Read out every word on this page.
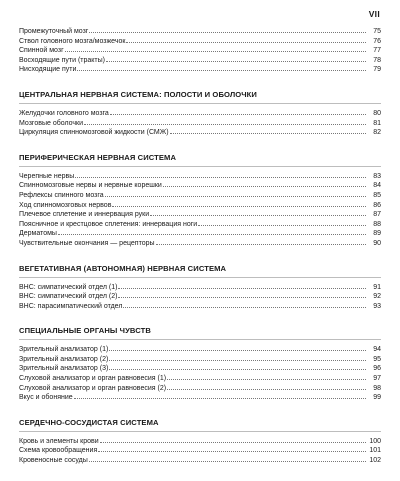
VII
Промежуточный мозг	75
Ствол головного мозга/мозжечок	76
Спинной мозг	77
Восходящие пути (тракты)	78
Нисходящие пути	79
ЦЕНТРАЛЬНАЯ НЕРВНАЯ СИСТЕМА: ПОЛОСТИ И ОБОЛОЧКИ
Желудочки головного мозга	80
Мозговые оболочки	81
Циркуляция спинномозговой жидкости (СМЖ)	82
ПЕРИФЕРИЧЕСКАЯ НЕРВНАЯ СИСТЕМА
Черепные нервы	83
Спинномозговые нервы и нервные корешки	84
Рефлексы спинного мозга	85
Ход спинномозговых нервов	86
Плечевое сплетение и иннервация руки	87
Поясничное и крестцовое сплетения: иннервация ноги	88
Дерматомы	89
Чувствительные окончания — рецепторы	90
ВЕГЕТАТИВНАЯ (АВТОНОМНАЯ) НЕРВНАЯ СИСТЕМА
ВНС: симпатический отдел (1)	91
ВНС: симпатический отдел (2)	92
ВНС: парасимпатический отдел	93
СПЕЦИАЛЬНЫЕ ОРГАНЫ ЧУВСТВ
Зрительный анализатор (1)	94
Зрительный анализатор (2)	95
Зрительный анализатор (3)	96
Слуховой анализатор и орган равновесия (1)	97
Слуховой анализатор и орган равновесия (2)	98
Вкус и обоняние	99
СЕРДЕЧНО-СОСУДИСТАЯ СИСТЕМА
Кровь и элементы крови	100
Схема кровообращения	101
Кровеносные сосуды	102
